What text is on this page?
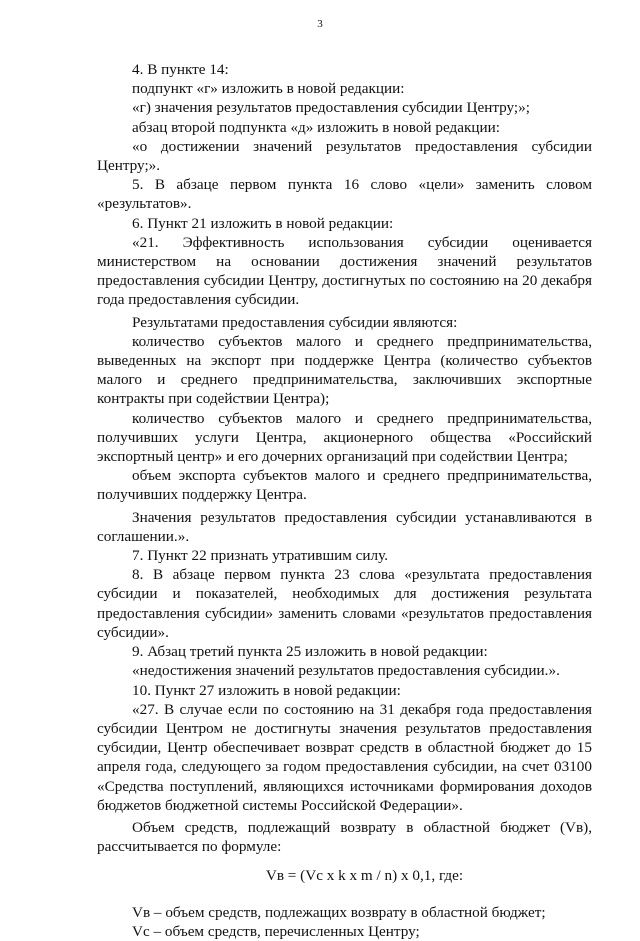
3

4. В пункте 14:

подпункт «г» изложить в новой редакции:

«г) значения результатов предоставления субсидии Центру;»;

абзац второй подпункта «д» изложить в новой редакции:

«о достижении значений результатов предоставления субсидии Центру;».

5. В абзаце первом пункта 16 слово «цели» заменить словом «результатов».

6. Пункт 21 изложить в новой редакции:

«21. Эффективность использования субсидии оценивается министерством на основании достижения значений результатов предоставления субсидии Центру, достигнутых по состоянию на 20 декабря года предоставления субсидии.

Результатами предоставления субсидии являются:

количество субъектов малого и среднего предпринимательства, выведенных на экспорт при поддержке Центра (количество субъектов малого и среднего предпринимательства, заключивших экспортные контракты при содействии Центра);

количество субъектов малого и среднего предпринимательства, получивших услуги Центра, акционерного общества «Российский экспортный центр» и его дочерних организаций при содействии Центра;

объем экспорта субъектов малого и среднего предпринимательства, получивших поддержку Центра.

Значения результатов предоставления субсидии устанавливаются в соглашении.».

7. Пункт 22 признать утратившим силу.

8. В абзаце первом пункта 23 слова «результата предоставления субсидии и показателей, необходимых для достижения результата предоставления субсидии» заменить словами «результатов предоставления субсидии».

9. Абзац третий пункта 25 изложить в новой редакции:

«недостижения значений результатов предоставления субсидии.».

10. Пункт 27 изложить в новой редакции:

«27. В случае если по состоянию на 31 декабря года предоставления субсидии Центром не достигнуты значения результатов предоставления субсидии, Центр обеспечивает возврат средств в областной бюджет до 15 апреля года, следующего за годом предоставления субсидии, на счет 03100 «Средства поступлений, являющихся источниками формирования доходов бюджетов бюджетной системы Российской Федерации».

Объем средств, подлежащий возврату в областной бюджет (Vв), рассчитывается по формуле:

Vв = (Vс x k x m / n) x 0,1, где:

Vв – объем средств, подлежащих возврату в областной бюджет;

Vс – объем средств, перечисленных Центру;
